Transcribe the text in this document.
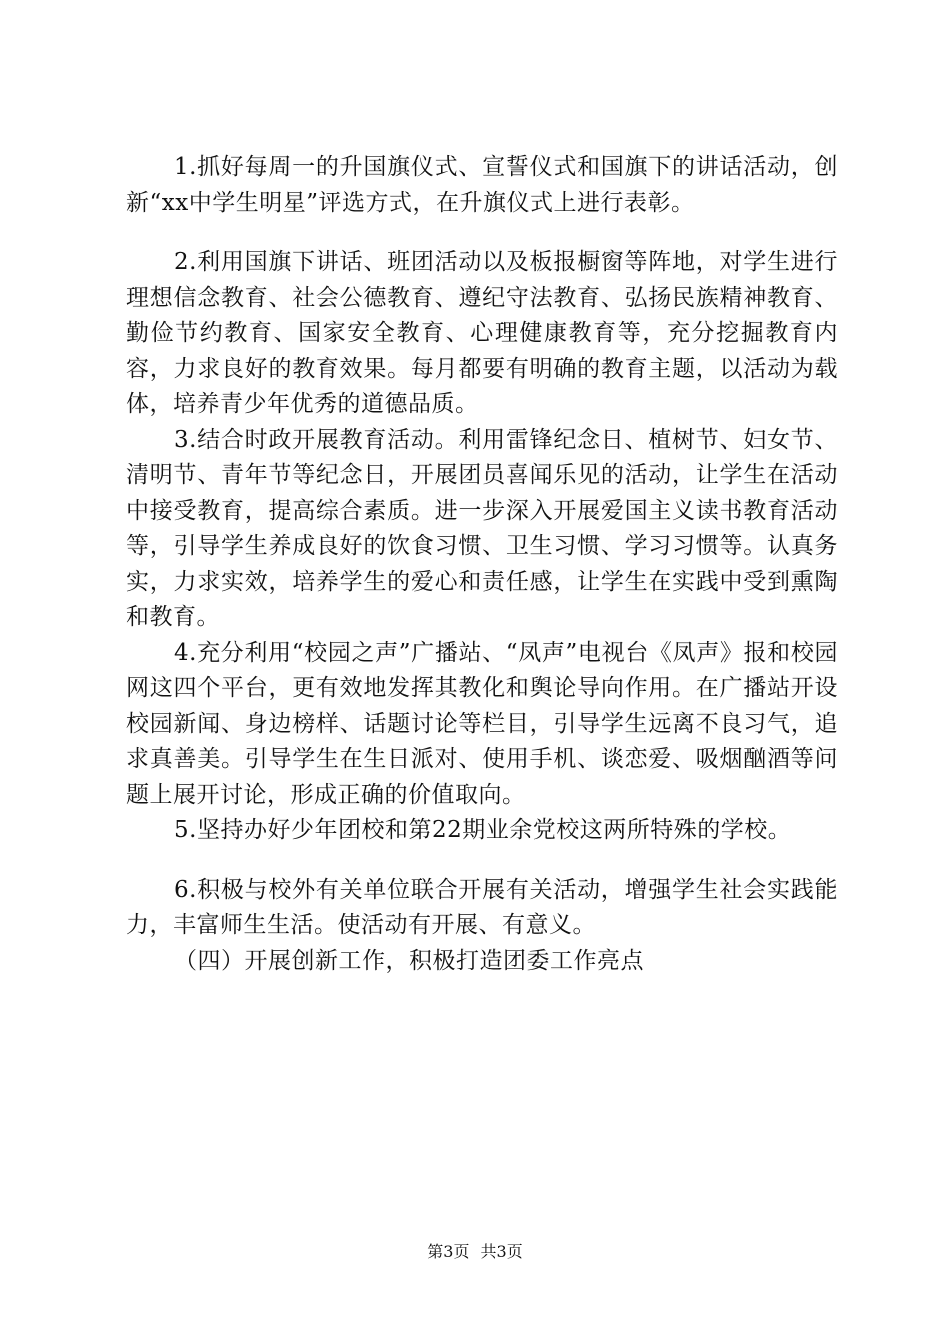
1.抓好每周一的升国旗仪式、宣誓仪式和国旗下的讲话活动，创新“xx中学生明星”评选方式，在升旗仪式上进行表彰。

2.利用国旗下讲话、班团活动以及板报橱窗等阵地，对学生进行理想信念教育、社会公德教育、遵纪守法教育、弘扬民族精神教育、勤俭节约教育、国家安全教育、心理健康教育等，充分挖掘教育内容，力求良好的教育效果。每月都要有明确的教育主题，以活动为载体，培养青少年优秀的道德品质。

3.结合时政开展教育活动。利用雷锋纪念日、植树节、妇女节、清明节、青年节等纪念日，开展团员喜闻乐见的活动，让学生在活动中接受教育，提高综合素质。进一步深入开展爱国主义读书教育活动等，引导学生养成良好的饮食习惯、卫生习惯、学习习惯等。认真务实，力求实效，培养学生的爱心和责任感，让学生在实践中受到熏陶和教育。

4.充分利用“校园之声”广播站、“凤声”电视台《凤声》报和校园网这四个平台，更有效地发挥其教化和舆论导向作用。在广播站开设校园新闻、身边榜样、话题讨论等栏目，引导学生远离不良习气，追求真善美。引导学生在生日派对、使用手机、谈恋爱、吸烟酗酒等问题上展开讨论，形成正确的价值取向。

5.坚持办好少年团校和第22期业余党校这两所特殊的学校。

6.积极与校外有关单位联合开展有关活动，增强学生社会实践能力，丰富师生生活。使活动有开展、有意义。

（四）开展创新工作，积极打造团委工作亮点

第3页 共3页
